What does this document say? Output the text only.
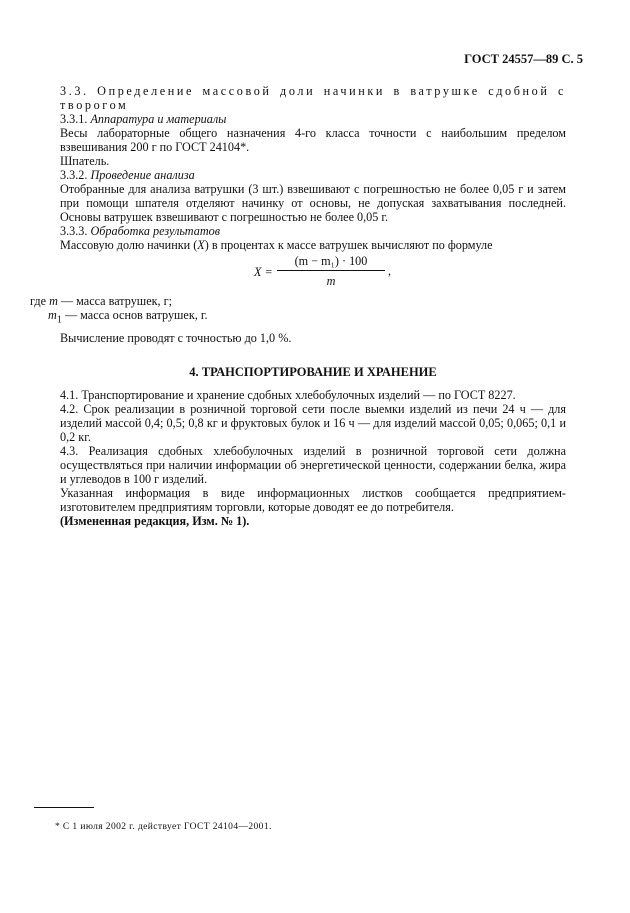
ГОСТ 24557—89 С. 5

3.3. Определение массовой доли начинки в ватрушке сдобной с творогом

3.3.1. Аппаратура и материалы

Весы лабораторные общего назначения 4-го класса точности с наибольшим пределом взвешивания 200 г по ГОСТ 24104*.

Шпатель.

3.3.2. Проведение анализа

Отобранные для анализа ватрушки (3 шт.) взвешивают с погрешностью не более 0,05 г и затем при помощи шпателя отделяют начинку от основы, не допуская захватывания последней. Основы ватрушек взвешивают с погрешностью не более 0,05 г.

3.3.3. Обработка результатов

Массовую долю начинки (X) в процентах к массе ватрушек вычисляют по формуле

X =
(m − m₁) · 100
m
,

где m — масса ватрушек, г;

$m_1$ — масса основ ватрушек, г.

Вычисление проводят с точностью до 1,0 %.

4. ТРАНСПОРТИРОВАНИЕ И ХРАНЕНИЕ

4.1. Транспортирование и хранение сдобных хлебобулочных изделий — по ГОСТ 8227.

4.2. Срок реализации в розничной торговой сети после выемки изделий из печи 24 ч — для изделий массой 0,4; 0,5; 0,8 кг и фруктовых булок и 16 ч — для изделий массой 0,05; 0,065; 0,1 и 0,2 кг.

4.3. Реализация сдобных хлебобулочных изделий в розничной торговой сети должна осуществляться при наличии информации об энергетической ценности, содержании белка, жира и углеводов в 100 г изделий.

Указанная информация в виде информационных листков сообщается предприятием-изготовителем предприятиям торговли, которые доводят ее до потребителя.

(Измененная редакция, Изм. № 1).

* С 1 июля 2002 г. действует ГОСТ 24104—2001.
